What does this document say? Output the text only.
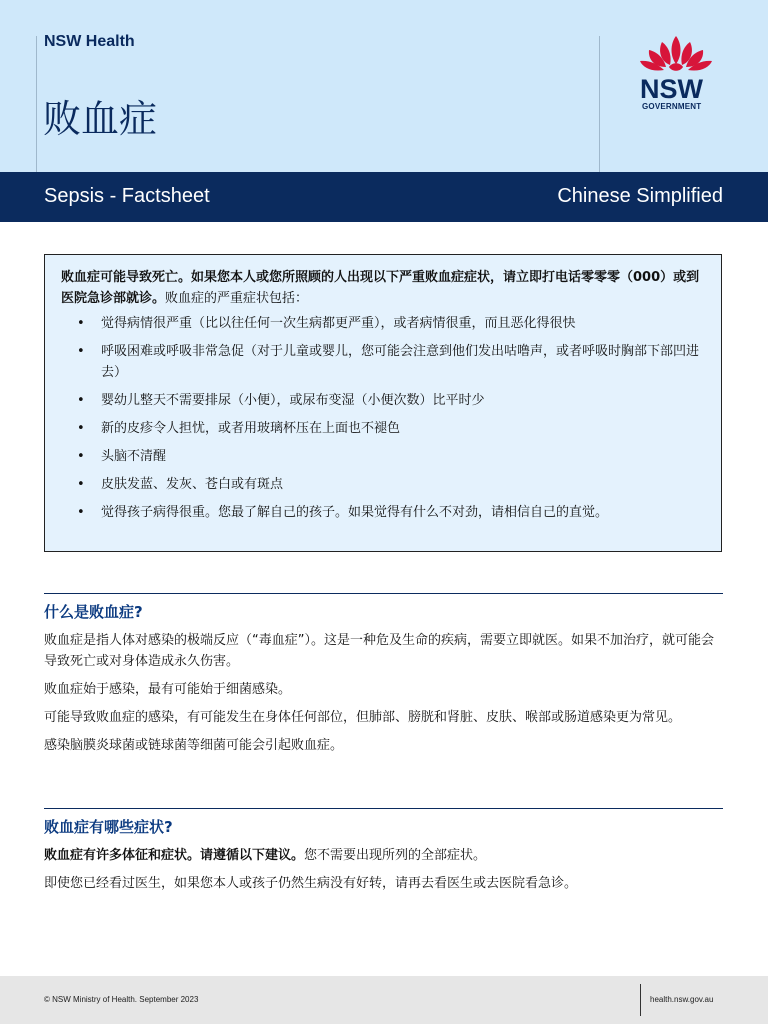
NSW Health
败血症
NSW
GOVERNMENT
Sepsis - Factsheet	Chinese Simplified

败血症可能导致死亡。如果您本人或您所照顾的人出现以下严重败血症症状，请立即打电话零零零（000）或到医院急诊部就诊。败血症的严重症状包括：

• 觉得病情很严重（比以往任何一次生病都更严重），或者病情很重，而且恶化得很快
• 呼吸困难或呼吸非常急促（对于儿童或婴儿，您可能会注意到他们发出咕噜声，或者呼吸时胸部下部凹进去）
• 婴幼儿整天不需要排尿（小便），或尿布变湿（小便次数）比平时少
• 新的皮疹令人担忧，或者用玻璃杯压在上面也不褪色
• 头脑不清醒
• 皮肤发蓝、发灰、苍白或有斑点
• 觉得孩子病得很重。您最了解自己的孩子。如果觉得有什么不对劲，请相信自己的直觉。
什么是败血症?

败血症是指人体对感染的极端反应（“毒血症”）。这是一种危及生命的疾病，需要立即就医。如果不加治疗，就可能会导致死亡或对身体造成永久伤害。

败血症始于感染，最有可能始于细菌感染。

可能导致败血症的感染，有可能发生在身体任何部位，但肺部、膀胱和肾脏、皮肤、喉部或肠道感染更为常见。

感染脑膜炎球菌或链球菌等细菌可能会引起败血症。

败血症有哪些症状?

败血症有许多体征和症状。请遵循以下建议。您不需要出现所列的全部症状。

即使您已经看过医生，如果您本人或孩子仍然生病没有好转，请再去看医生或去医院看急诊。

© NSW Ministry of Health. September 2023	health.nsw.gov.au
